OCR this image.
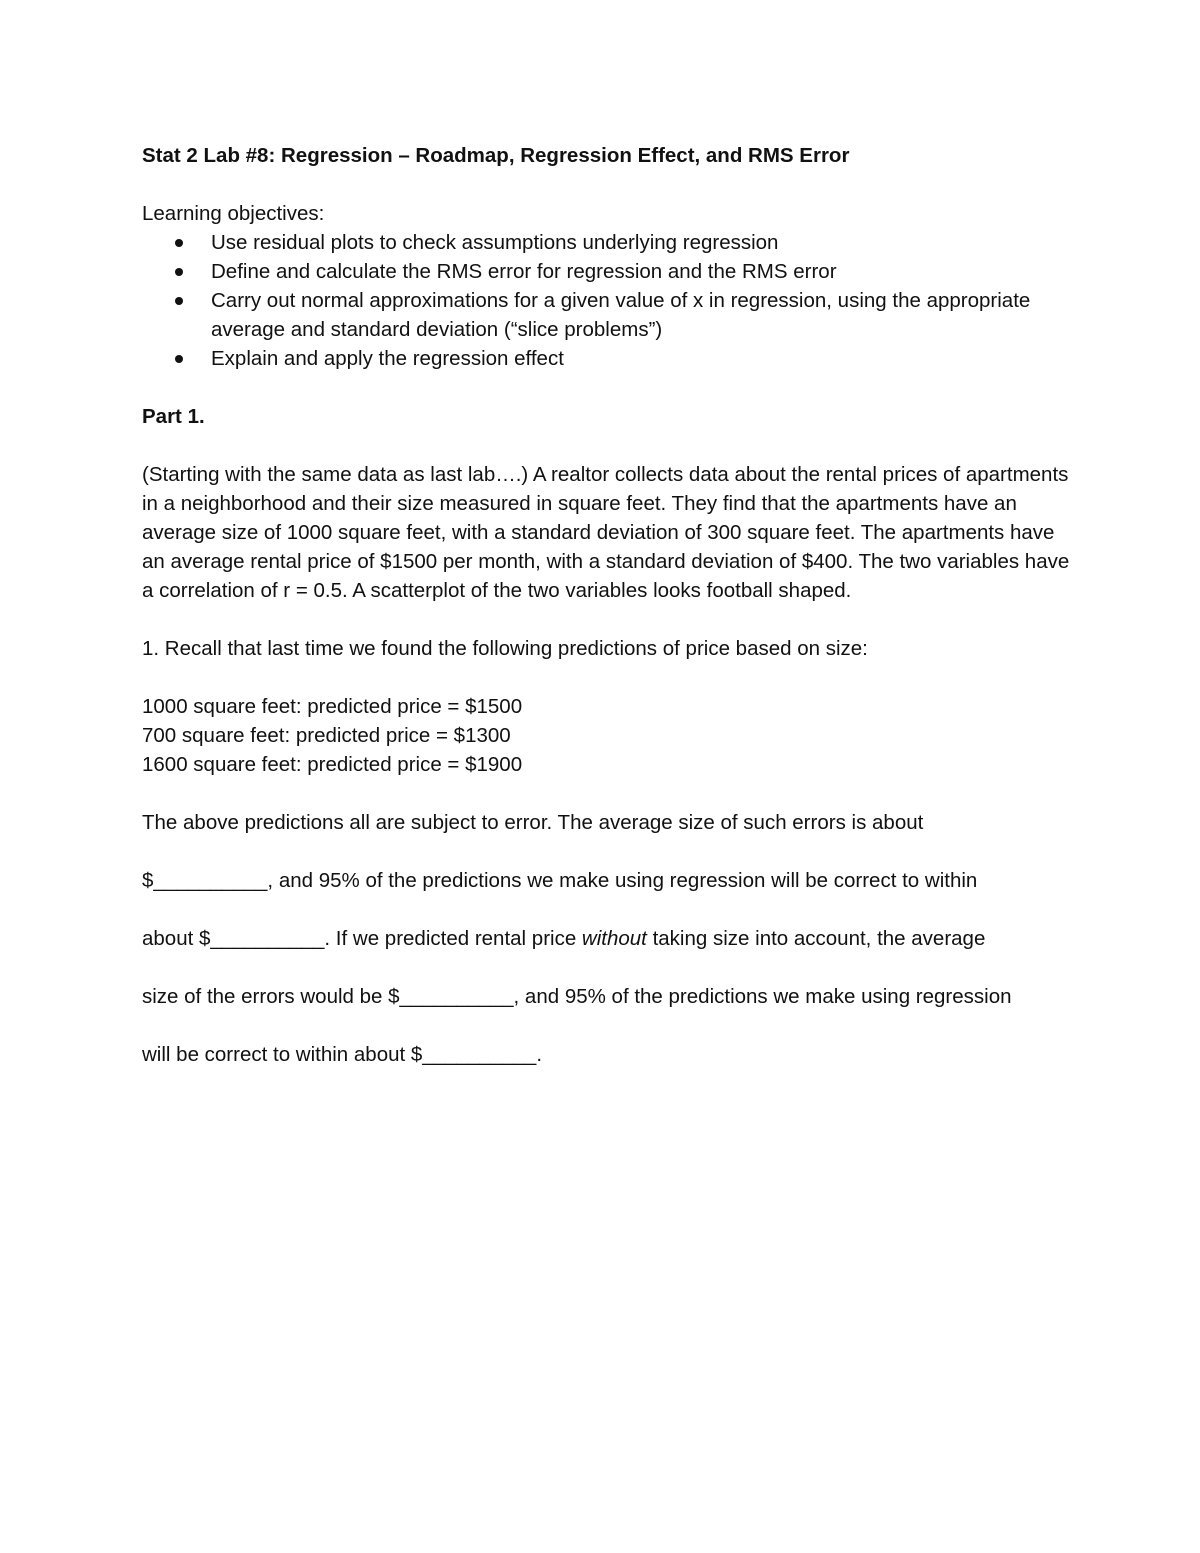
Stat 2 Lab #8: Regression – Roadmap, Regression Effect, and RMS Error
Learning objectives:
Use residual plots to check assumptions underlying regression
Define and calculate the RMS error for regression and the RMS error
Carry out normal approximations for a given value of x in regression, using the appropriate average and standard deviation (“slice problems”)
Explain and apply the regression effect
Part 1.
(Starting with the same data as last lab….) A realtor collects data about the rental prices of apartments in a neighborhood and their size measured in square feet. They find that the apartments have an average size of 1000 square feet, with a standard deviation of 300 square feet. The apartments have an average rental price of $1500 per month, with a standard deviation of $400. The two variables have a correlation of r = 0.5. A scatterplot of the two variables looks football shaped.
1. Recall that last time we found the following predictions of price based on size:
1000 square feet: predicted price = $1500
700 square feet: predicted price = $1300
1600 square feet: predicted price = $1900
The above predictions all are subject to error. The average size of such errors is about
$__________, and 95% of the predictions we make using regression will be correct to within
about $__________. If we predicted rental price without taking size into account, the average
size of the errors would be $__________, and 95% of the predictions we make using regression
will be correct to within about $__________.
